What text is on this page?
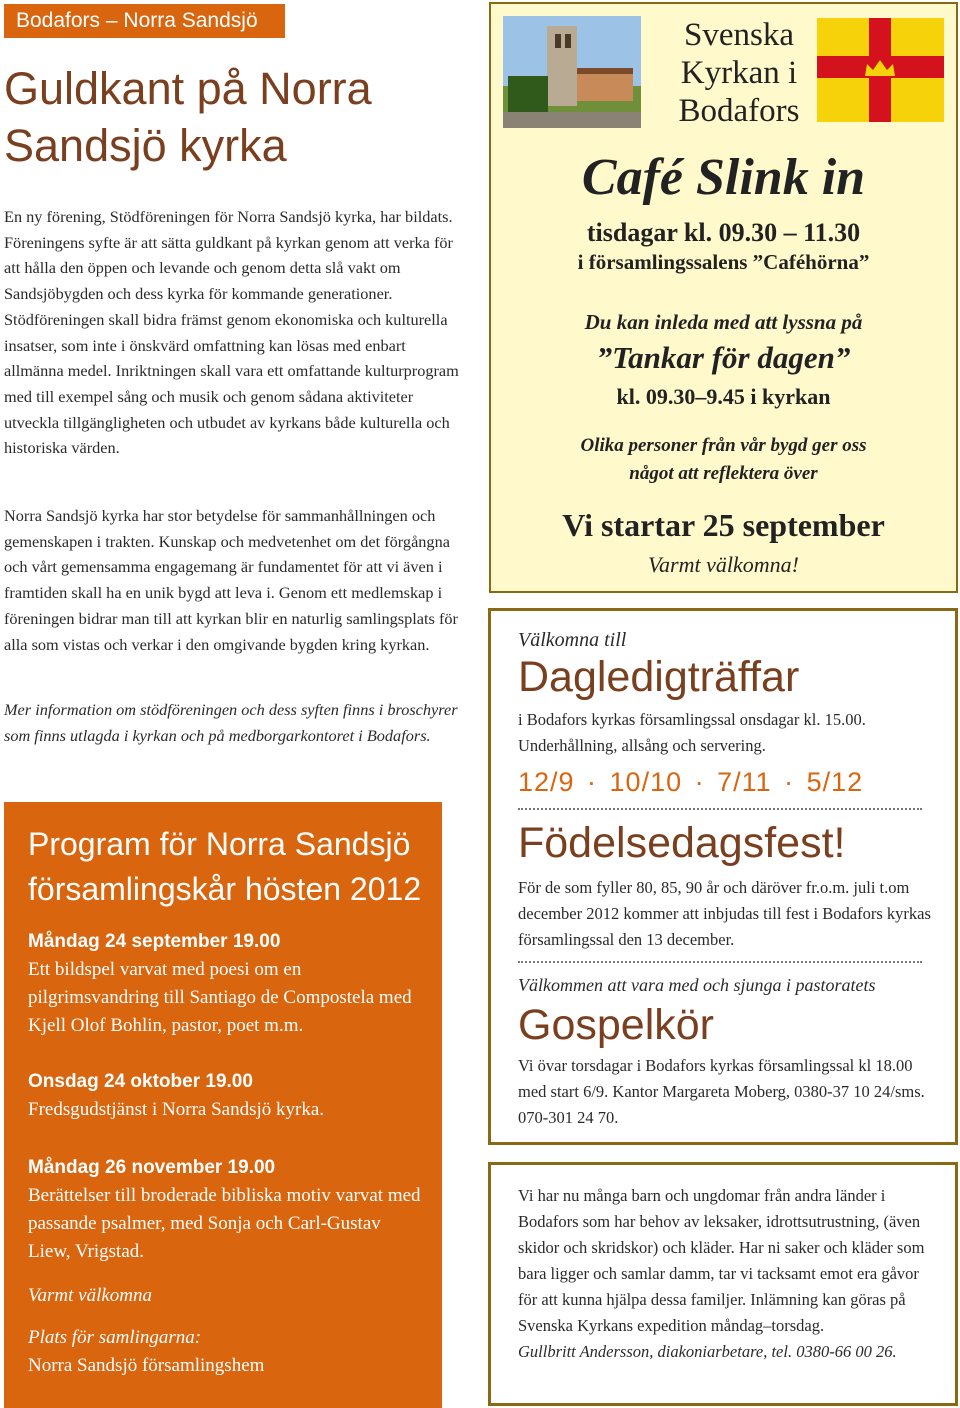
Bodafors – Norra Sandsjö
Guldkant på Norra Sandsjö kyrka

En ny förening, Stödföreningen för Norra Sandsjö kyrka, har bildats. Föreningens syfte är att sätta guldkant på kyrkan genom att verka för att hålla den öppen och levande och genom detta slå vakt om Sandsjöbygden och dess kyrka för kommande generationer. Stödföreningen skall bidra främst genom ekonomiska och kulturella insatser, som inte i önskvärd omfattning kan lösas med enbart allmänna medel. Inriktningen skall vara ett omfattande kulturprogram med till exempel sång och musik och genom sådana aktiviteter utveckla tillgängligheten och utbudet av kyrkans både kulturella och historiska värden.

Norra Sandsjö kyrka har stor betydelse för sammanhållningen och gemenskapen i trakten. Kunskap och medvetenhet om det förgångna och vårt gemensamma engagemang är fundamentet för att vi även i framtiden skall ha en unik bygd att leva i. Genom ett medlemskap i föreningen bidrar man till att kyrkan blir en naturlig samlingsplats för alla som vistas och verkar i den omgivande bygden kring kyrkan.

Mer information om stödföreningen och dess syften finns i broschyrer som finns utlagda i kyrkan och på medborgarkontoret i Bodafors.

Program för Norra Sandsjö församlingskår hösten 2012
Måndag 24 september 19.00
Ett bildspel varvat med poesi om en pilgrimsvandring till Santiago de Compostela med Kjell Olof Bohlin, pastor, poet m.m.
Onsdag 24 oktober 19.00
Fredsgudstjänst i Norra Sandsjö kyrka.
Måndag 26 november 19.00
Berättelser till broderade bibliska motiv varvat med passande psalmer, med Sonja och Carl-Gustav Liew, Vrigstad.
Varmt välkomna
Plats för samlingarna:
Norra Sandsjö församlingshem
Svenska
Kyrkan i
Bodafors
Café Slink in
tisdagar kl. 09.30 – 11.30
i församlingssalens ”Caféhörna”
Du kan inleda med att lyssna på
”Tankar för dagen”
kl. 09.30–9.45 i kyrkan
Olika personer från vår bygd ger oss
något att reflektera över
Vi startar 25 september
Varmt välkomna!
Välkomna till
Dagledigträffar
i Bodafors kyrkas församlingssal onsdagar kl. 15.00.
Underhållning, allsång och servering.
12/9 · 10/10 · 7/11 · 5/12
Födelsedagsfest!
För de som fyller 80, 85, 90 år och däröver fr.o.m. juli t.om december 2012 kommer att inbjudas till fest i Bodafors kyrkas församlingssal den 13 december.
Välkommen att vara med och sjunga i pastoratets
Gospelkör
Vi övar torsdagar i Bodafors kyrkas församlingssal kl 18.00 med start 6/9. Kantor Margareta Moberg, 0380-37 10 24/sms. 070-301 24 70.
Vi har nu många barn och ungdomar från andra länder i Bodafors som har behov av leksaker, idrottsutrustning, (även skidor och skridskor) och kläder. Har ni saker och kläder som bara ligger och samlar damm, tar vi tacksamt emot era gåvor för att kunna hjälpa dessa familjer. Inlämning kan göras på Svenska Kyrkans expedition måndag–torsdag.
Gullbritt Andersson, diakoniarbetare, tel. 0380-66 00 26.
